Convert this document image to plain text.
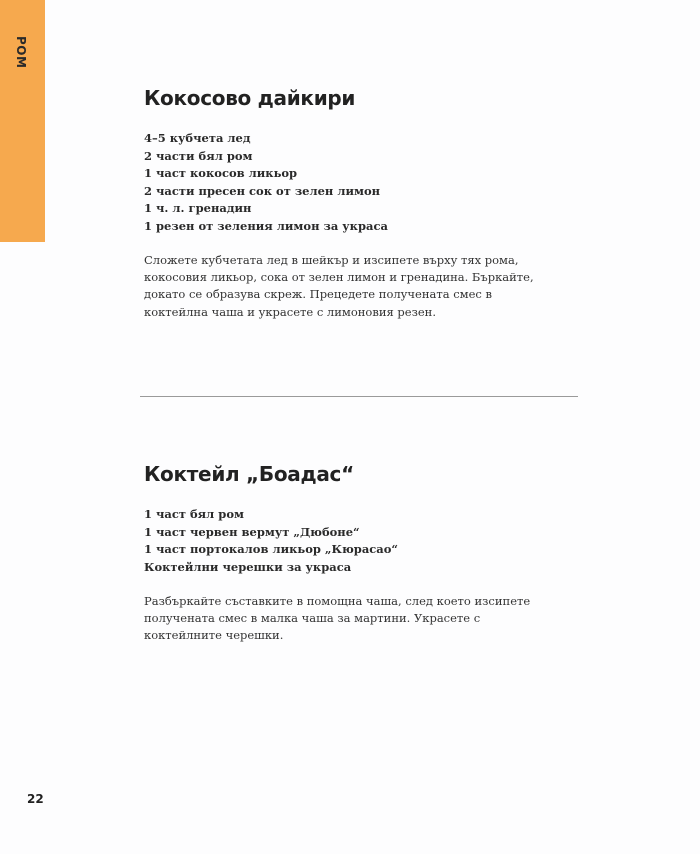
РОМ
Кокосово дайкири
4–5 кубчета лед
2 части бял ром
1 част кокосов ликьор
2 части пресен сок от зелен лимон
1 ч. л. гренадин
1 резен от зеления лимон за украса

Сложете кубчетата лед в шейкър и изсипете върху тях рома, кокосовия ликьор, сока от зелен лимон и гренадина. Бъркайте, докато се образува скреж. Прецедете получената смес в коктейлна чаша и украсете с лимоновия резен.

Коктейл „Боадас“
1 част бял ром
1 част червен вермут „Дюбоне“
1 част портокалов ликьор „Кюрасао“
Коктейлни черешки за украса

Разбъркайте съставките в помощна чаша, след което изсипете получената смес в малка чаша за мартини. Украсете с коктейлните черешки.

22
